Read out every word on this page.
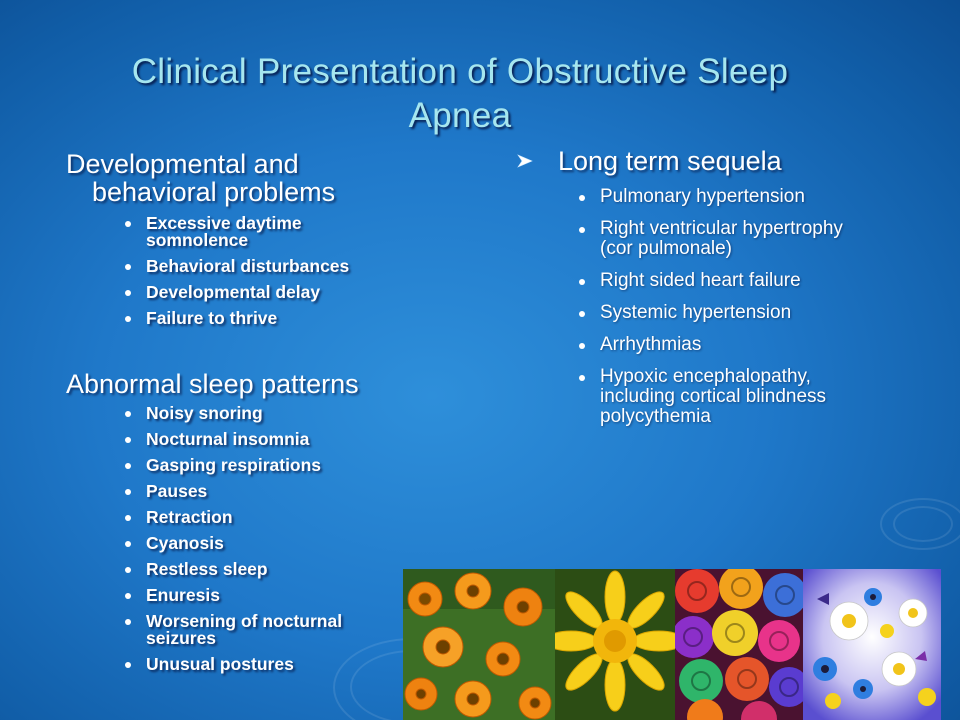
Clinical Presentation of Obstructive Sleep
Apnea
Developmental and
behavioral problems
Excessive daytime
somnolence
Behavioral disturbances
Developmental delay
Failure to thrive
Abnormal sleep patterns
Noisy snoring
Nocturnal insomnia
Gasping respirations
Pauses
Retraction
Cyanosis
Restless sleep
Enuresis
Worsening of nocturnal
seizures
Unusual postures
Long term sequela
Pulmonary hypertension
Right ventricular hypertrophy
(cor pulmonale)
Right sided heart failure
Systemic hypertension
Arrhythmias
Hypoxic encephalopathy,
including cortical blindness
polycythemia
